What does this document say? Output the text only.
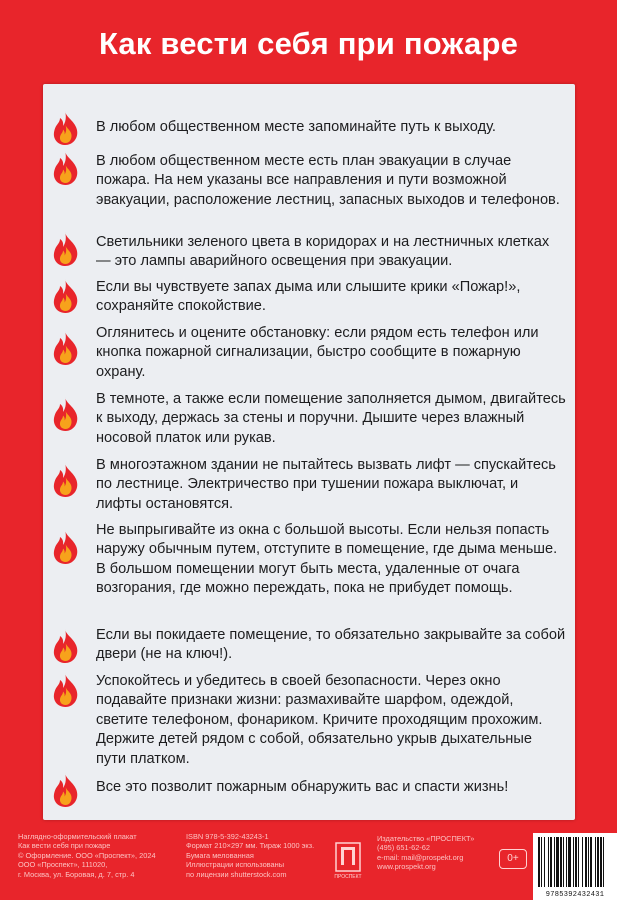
Как вести себя при пожаре
В любом общественном месте запоминайте путь к выходу.
В любом общественном месте есть план эвакуации в случае пожара. На нем указаны все направления и пути возможной эвакуации, расположение лестниц, запасных выходов и телефонов.
Светильники зеленого цвета в коридорах и на лестничных клетках — это лампы аварийного освещения при эвакуации.
Если вы чувствуете запах дыма или слышите крики «Пожар!», сохраняйте спокойствие.
Оглянитесь и оцените обстановку: если рядом есть телефон или кнопка пожарной сигнализации, быстро сообщите в пожарную охрану.
В темноте, а также если помещение заполняется дымом, двигайтесь к выходу, держась за стены и поручни. Дышите через влажный носовой платок или рукав.
В многоэтажном здании не пытайтесь вызвать лифт — спускайтесь по лестнице. Электричество при тушении пожара выключат, и лифты остановятся.
Не выпрыгивайте из окна с большой высоты. Если нельзя попасть наружу обычным путем, отступите в помещение, где дыма меньше. В большом помещении могут быть места, удаленные от очага возгорания, где можно переждать, пока не прибудет помощь.
Если вы покидаете помещение, то обязательно закрывайте за собой двери (не на ключ!).
Успокойтесь и убедитесь в своей безопасности. Через окно подавайте признаки жизни: размахивайте шарфом, одеждой, светите телефоном, фонариком. Кричите проходящим прохожим. Держите детей рядом с собой, обязательно укрыв дыхательные пути платком.
Все это позволит пожарным обнаружить вас и спасти жизнь!
Наглядно-оформительский плакат
Как вести себя при пожаре
© Оформление. ООО «Проспект», 2024
ООО «Проспект», 111020,
г. Москва, ул. Боровая, д. 7, стр. 4
ISBN 978-5-392-43243-1
Формат 210×297 мм. Тираж 1000 экз.
Бумага мелованная
Иллюстрации использованы
по лицензии shutterstock.com	ПРОСПЕКТ
Издательство «ПРОСПЕКТ»
(495) 651-62-62
e-mail: mail@prospekt.org
www.prospekt.org
0+
9785392432431
